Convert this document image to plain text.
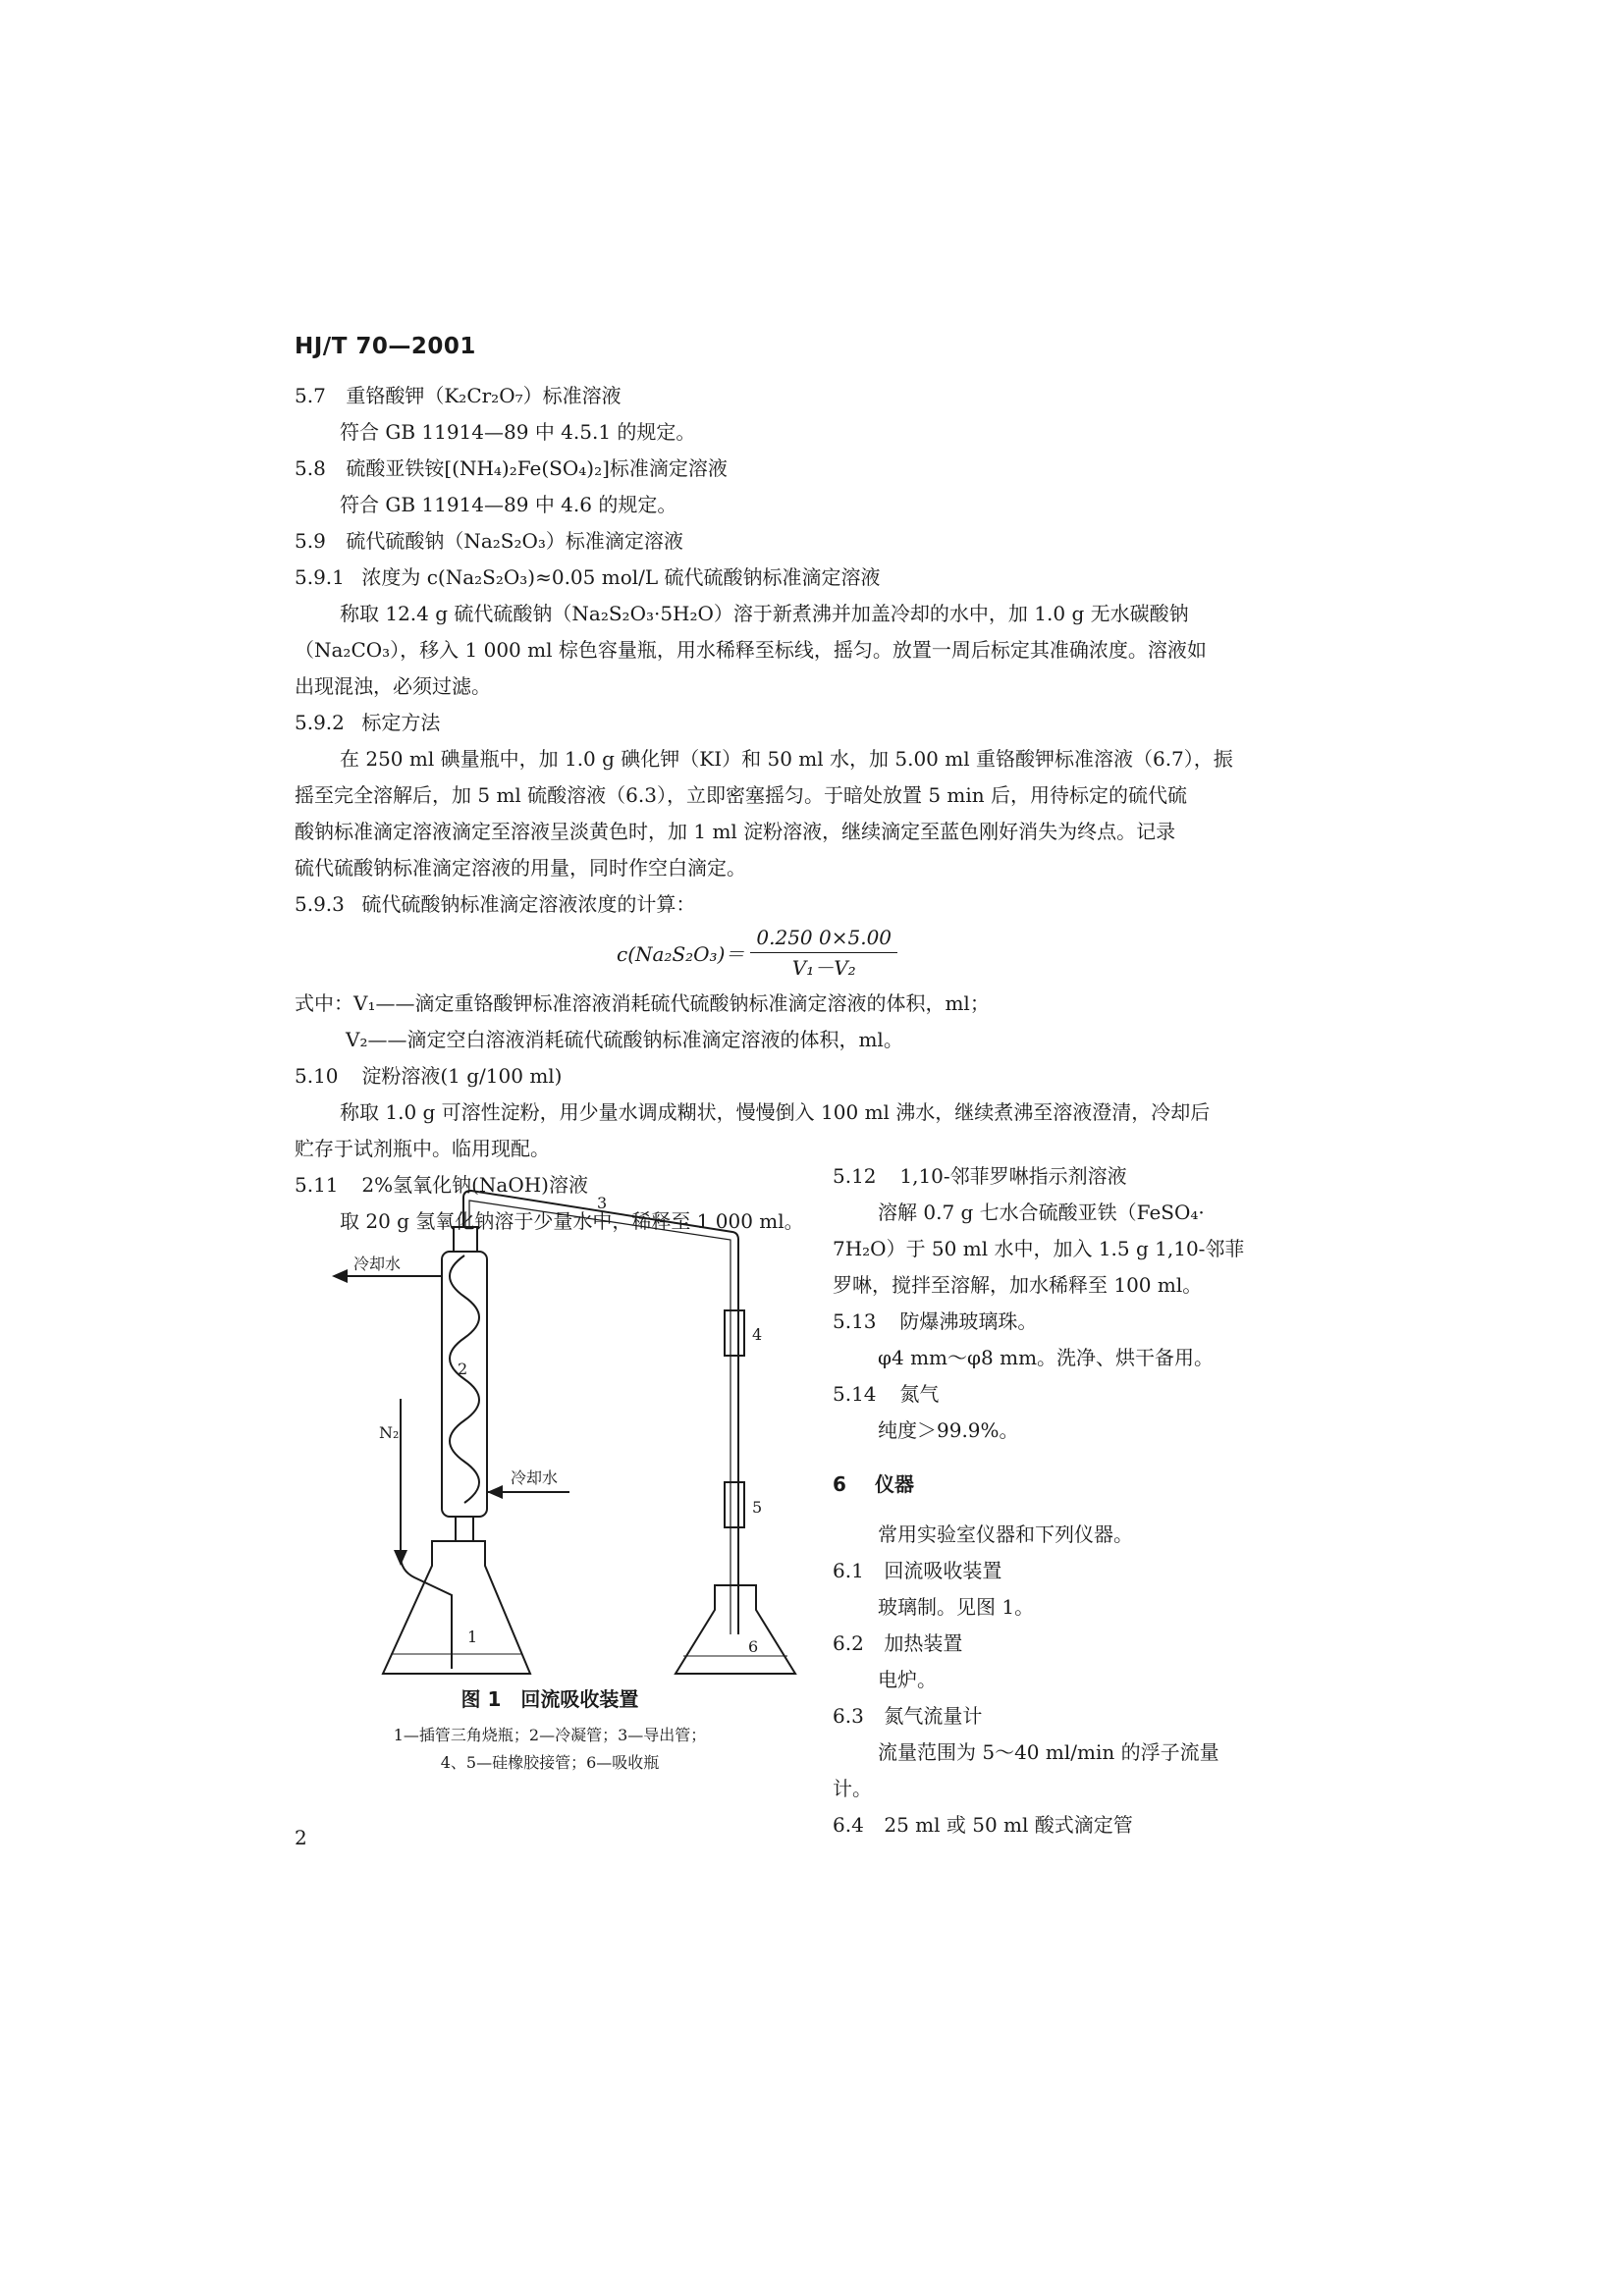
HJ/T 70—2001
5.7 重铬酸钾（K₂Cr₂O₇）标准溶液
符合 GB 11914—89 中 4.5.1 的规定。
5.8 硫酸亚铁铵[(NH₄)₂Fe(SO₄)₂]标准滴定溶液
符合 GB 11914—89 中 4.6 的规定。
5.9 硫代硫酸钠（Na₂S₂O₃）标准滴定溶液
5.9.1 浓度为 c(Na₂S₂O₃)≈0.05 mol/L 硫代硫酸钠标准滴定溶液
称取 12.4 g 硫代硫酸钠（Na₂S₂O₃·5H₂O）溶于新煮沸并加盖冷却的水中，加 1.0 g 无水碳酸钠
（Na₂CO₃），移入 1 000 ml 棕色容量瓶，用水稀释至标线，摇匀。放置一周后标定其准确浓度。溶液如
出现混浊，必须过滤。
5.9.2 标定方法
在 250 ml 碘量瓶中，加 1.0 g 碘化钾（KI）和 50 ml 水，加 5.00 ml 重铬酸钾标准溶液（6.7），振
摇至完全溶解后，加 5 ml 硫酸溶液（6.3），立即密塞摇匀。于暗处放置 5 min 后，用待标定的硫代硫
酸钠标准滴定溶液滴定至溶液呈淡黄色时，加 1 ml 淀粉溶液，继续滴定至蓝色刚好消失为终点。记录
硫代硫酸钠标准滴定溶液的用量，同时作空白滴定。
5.9.3 硫代硫酸钠标准滴定溶液浓度的计算：
$c(Na_2S_2O_3)= \frac{0.250 0\times 5.00}{\text{V₁－V₂}}$
式中：V₁——滴定重铬酸钾标准溶液消耗硫代硫酸钠标准滴定溶液的体积，ml；
V₂——滴定空白溶液消耗硫代硫酸钠标准滴定溶液的体积，ml。
5.10 淀粉溶液(1 g/100 ml)
称取 1.0 g 可溶性淀粉，用少量水调成糊状，慢慢倒入 100 ml 沸水，继续煮沸至溶液澄清，冷却后
贮存于试剂瓶中。临用现配。
5.11 2%氢氧化钠(NaOH)溶液
取 20 g 氢氧化钠溶于少量水中，稀释至 1 000 ml。
冷却水
冷却水
N₂
2
1
3
4
5
6
图 1　回流吸收装置
1—插管三角烧瓶；2—冷凝管；3—导出管；
4、5—硅橡胶接管；6—吸收瓶
5.12 1,10-邻菲罗啉指示剂溶液
溶解 0.7 g 七水合硫酸亚铁（FeSO₄·
7H₂O）于 50 ml 水中，加入 1.5 g 1,10-邻菲
罗啉，搅拌至溶解，加水稀释至 100 ml。
5.13 防爆沸玻璃珠。
φ4 mm～φ8 mm。洗净、烘干备用。
5.14 氮气
纯度＞99.9%。
6 仪器
常用实验室仪器和下列仪器。
6.1 回流吸收装置
玻璃制。见图 1。
6.2 加热装置
电炉。
6.3 氮气流量计
流量范围为 5～40 ml/min 的浮子流量
计。
6.4 25 ml 或 50 ml 酸式滴定管
2
